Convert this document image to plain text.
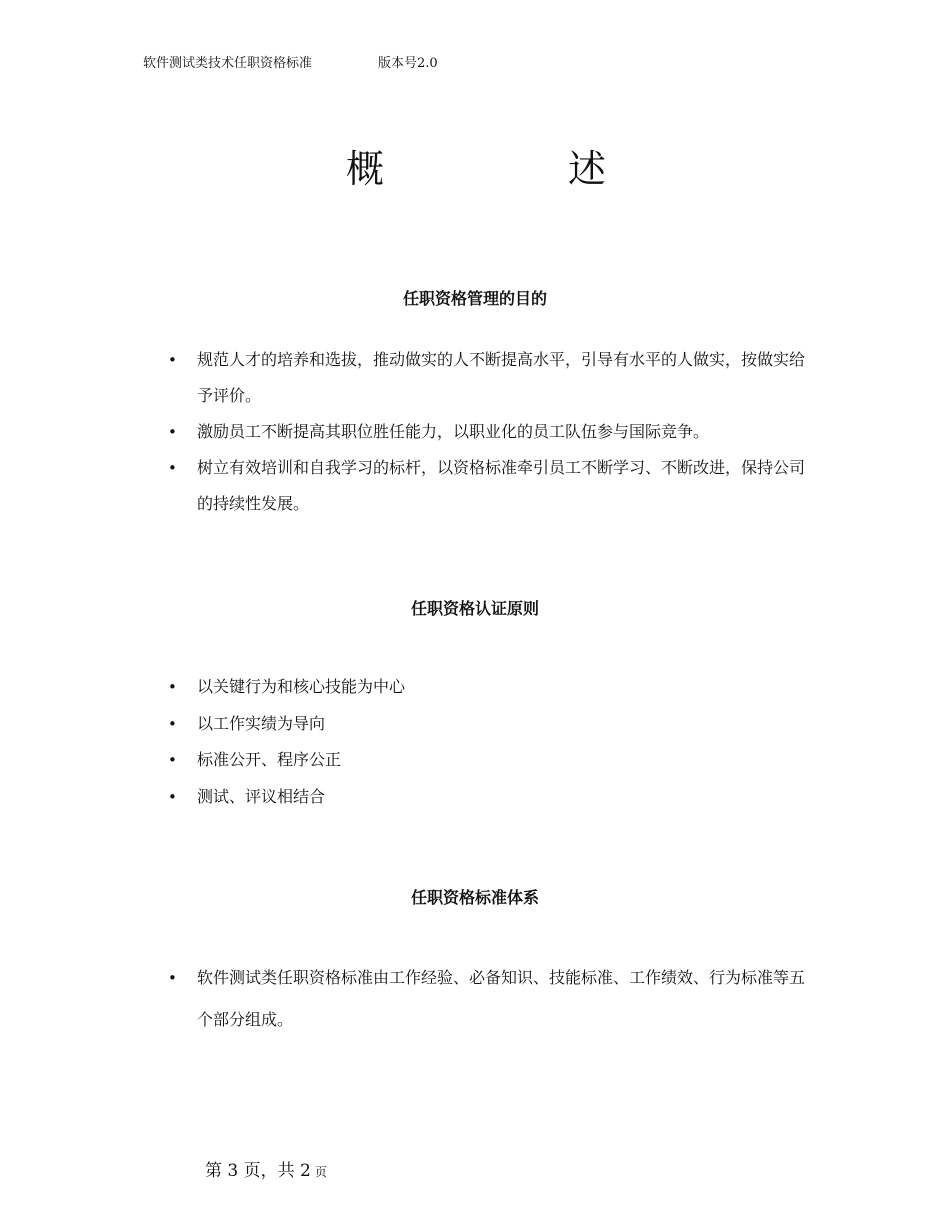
软件测试类技术任职资格标准	版本号2.0
概	述
任职资格管理的目的
• 规范人才的培养和选拔，推动做实的人不断提高水平，引导有水平的人做实，按做实给予评价。
• 激励员工不断提高其职位胜任能力，以职业化的员工队伍参与国际竞争。
• 树立有效培训和自我学习的标杆，以资格标准牵引员工不断学习、不断改进，保持公司的持续性发展。
任职资格认证原则
• 以关键行为和核心技能为中心
• 以工作实绩为导向
• 标准公开、程序公正
• 测试、评议相结合
任职资格标准体系
• 软件测试类任职资格标准由工作经验、必备知识、技能标准、工作绩效、行为标准等五个部分组成。
第 3 页，共 2 页
